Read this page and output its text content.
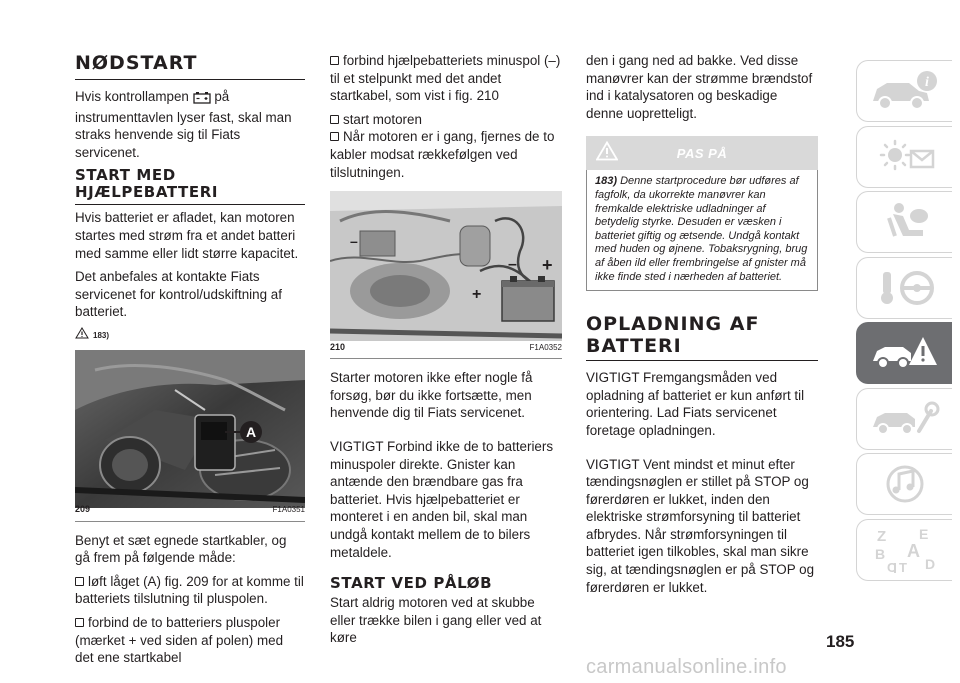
NØDSTART

Hvis kontrollampen på instrumenttavlen lyser fast, skal man straks henvende sig til Fiats servicenet.

START MED
HJÆLPEBATTERI

Hvis batteriet er afladet, kan motoren startes med strøm fra et andet batteri med samme eller lidt større kapacitet.

Det anbefales at kontakte Fiats servicenet for kontrol/udskiftning af batteriet.

183)
A
209	F1A0351

Benyt et sæt egnede startkabler, og gå frem på følgende måde:

løft låget (A) fig. 209 for at komme til batteriets tilslutning til pluspolen.

forbind de to batteriers pluspoler (mærket + ved siden af polen) med det ene startkabel

forbind hjælpebatteriets minuspol (–) til et stelpunkt med det andet startkabel, som vist i fig. 210

start motoren

Når motoren er i gang, fjernes de to kabler modsat rækkefølgen ved tilslutningen.

– +
+
–
210	F1A0352

Starter motoren ikke efter nogle få forsøg, bør du ikke fortsætte, men henvende dig til Fiats servicenet.

VIGTIGT Forbind ikke de to batteriers minuspoler direkte. Gnister kan antænde den brændbare gas fra batteriet. Hvis hjælpebatteriet er monteret i en anden bil, skal man undgå kontakt mellem de to bilers metaldele.

START VED PÅLØB

Start aldrig motoren ved at skubbe eller trække bilen i gang eller ved at køre

den i gang ned ad bakke. Ved disse manøvrer kan der strømme brændstof ind i katalysatoren og beskadige denne uopretteligt.

PAS PÅ
183) Denne startprocedure bør udføres af fagfolk, da ukorrekte manøvrer kan fremkalde elektriske udladninger af betydelig styrke. Desuden er væsken i batteriet giftig og ætsende. Undgå kontakt med huden og øjnene. Tobaksrygning, brug af åben ild eller frembringelse af gnister må ikke finde sted i nærheden af batteriet.
OPLADNING AF
BATTERI

VIGTIGT Fremgangsmåden ved opladning af batteriet er kun anført til orientering. Lad Fiats servicenet foretage opladningen.

VIGTIGT Vent mindst et minut efter tændingsnøglen er stillet på STOP og førerdøren er lukket, inden den elektriske strømforsyning til batteriet afbrydes. Når strømforsyningen til batteriet igen tilkobles, skal man sikre sig, at tændingsnøglen er på STOP og førerdøren er lukket.

i
Z E
B A
C D
T
185
carmanualsonline.info
